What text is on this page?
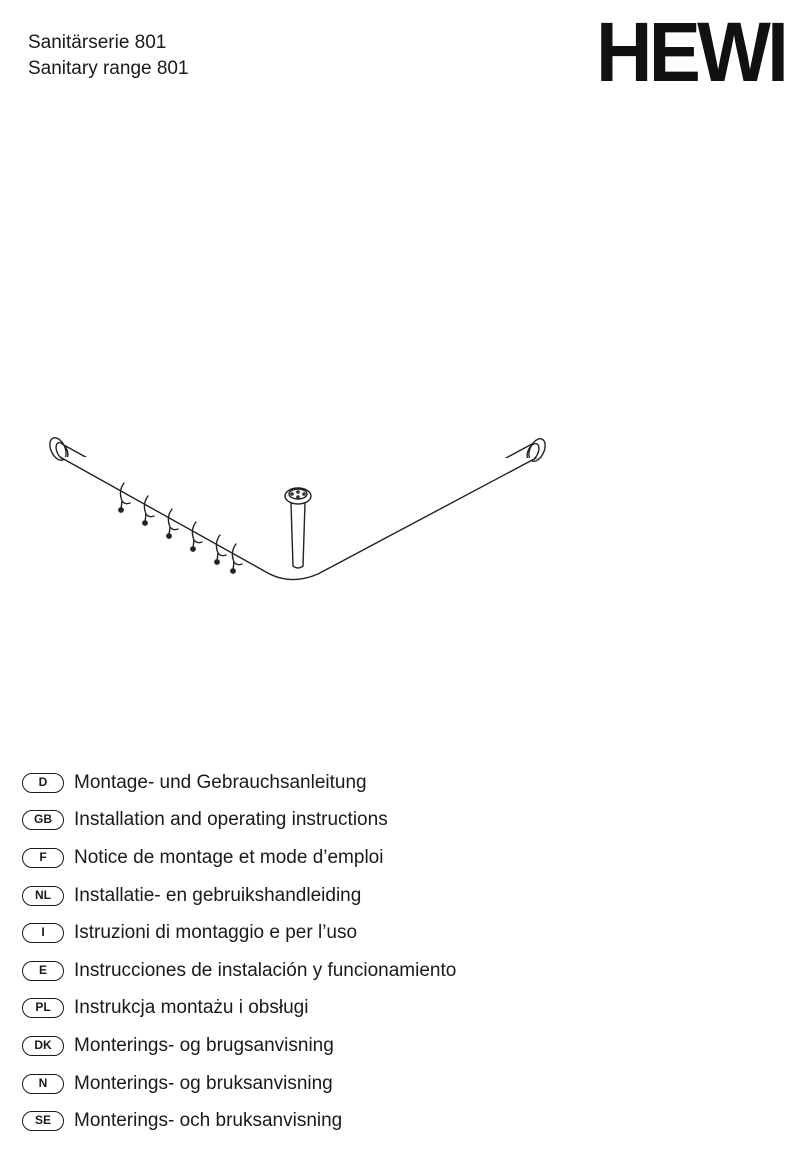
Sanitärserie 801
Sanitary range 801	HEWI
D	Montage- und Gebrauchsanleitung
GB	Installation and operating instructions
F	Notice de montage et mode d’emploi
NL	Installatie- en gebruikshandleiding
I	Istruzioni di montaggio e per l’uso
E	Instrucciones de instalación y funcionamiento
PL	Instrukcja montażu i obsługi
DK	Monterings- og brugsanvisning
N	Monterings- og bruksanvisning
SE	Monterings- och bruksanvisning
